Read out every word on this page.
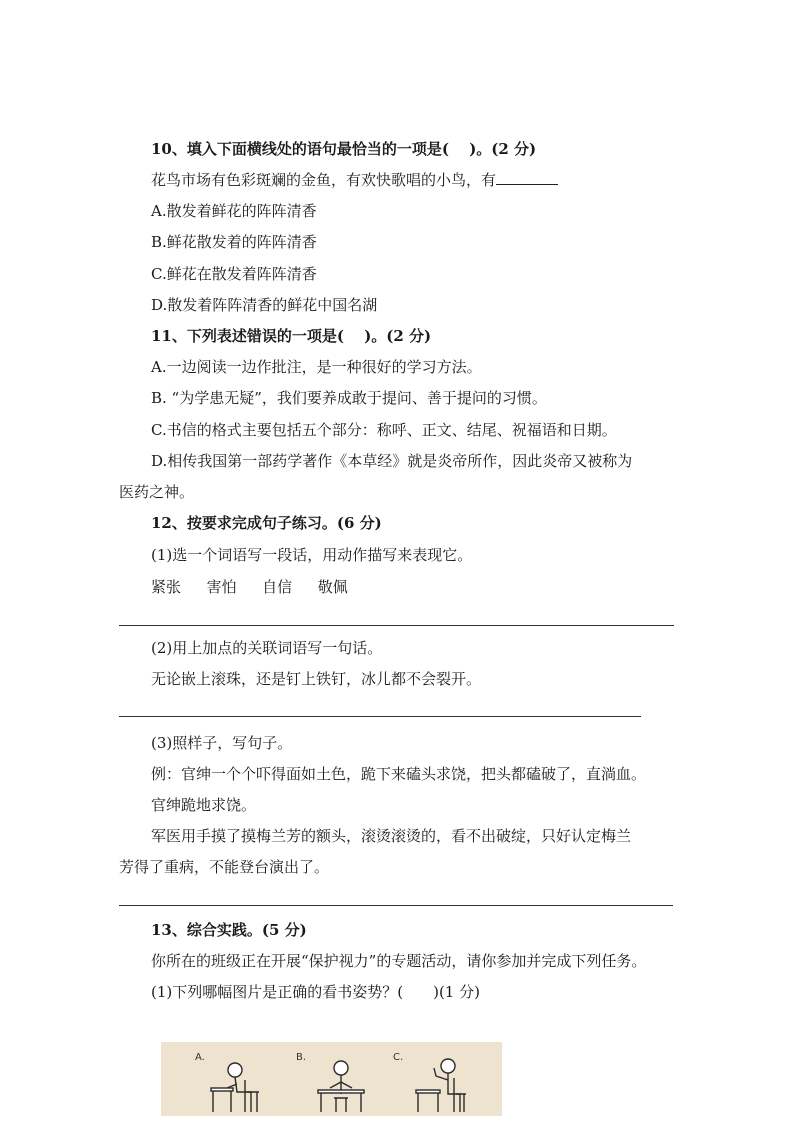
10、填入下面横线处的语句最恰当的一项是(　 )。(2 分)
花鸟市场有色彩斑斓的金鱼，有欢快歌唱的小鸟，有
A.散发着鲜花的阵阵清香
B.鲜花散发着的阵阵清香
C.鲜花在散发着阵阵清香
D.散发着阵阵清香的鲜花中国名湖
11、下列表述错误的一项是(　 )。(2 分)
A.一边阅读一边作批注，是一种很好的学习方法。
B. “为学患无疑”，我们要养成敢于提问、善于提问的习惯。
C.书信的格式主要包括五个部分：称呼、正文、结尾、祝福语和日期。
D.相传我国第一部药学著作《本草经》就是炎帝所作，因此炎帝又被称为
医药之神。
12、按要求完成句子练习。(6 分)
(1)选一个词语写一段话，用动作描写来表现它。
紧张 害怕 自信 敬佩
(2)用上加点的关联词语写一句话。
无论嵌上滚珠，还是钉上铁钉，冰儿都不会裂开。
(3)照样子，写句子。
例：官绅一个个吓得面如土色，跪下来磕头求饶，把头都磕破了，直淌血。
官绅跪地求饶。
军医用手摸了摸梅兰芳的额头，滚烫滚烫的，看不出破绽，只好认定梅兰
芳得了重病，不能登台演出了。
13、综合实践。(5 分)
你所在的班级正在开展“保护视力”的专题活动，请你参加并完成下列任务。
(1)下列哪幅图片是正确的看书姿势？(　　)(1 分)
A.	B.	C.
